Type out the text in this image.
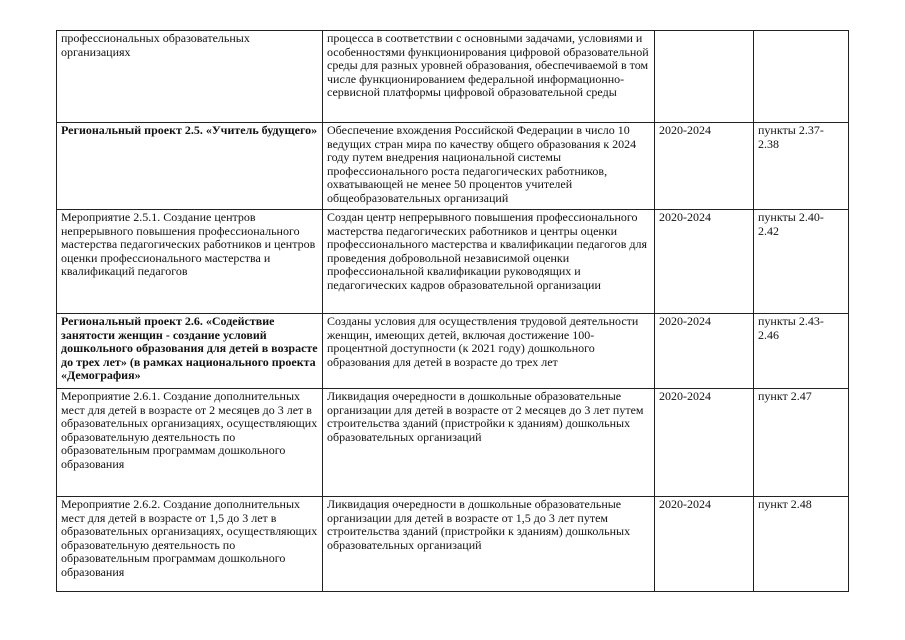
профессиональных образовательных организациях	процесса в соответствии с основными задачами, условиями и особенностями функционирования цифровой образовательной среды для разных уровней образования, обеспечиваемой в том числе функционированием федеральной информационно-сервисной платформы цифровой образовательной среды		
Региональный проект 2.5. «Учитель будущего»	Обеспечение вхождения Российской Федерации в число 10 ведущих стран мира по качеству общего образования к 2024 году путем внедрения национальной системы профессионального роста педагогических работников, охватывающей не менее 50 процентов учителей общеобразовательных организаций	2020-2024	пункты 2.37-2.38
Мероприятие 2.5.1. Создание центров непрерывного повышения профессионального мастерства педагогических работников и центров оценки профессионального мастерства и квалификаций педагогов	Создан центр непрерывного повышения профессионального мастерства педагогических работников и центры оценки профессионального мастерства и квалификации педагогов для проведения добровольной независимой оценки профессиональной квалификации руководящих и педагогических кадров образовательной организации	2020-2024	пункты 2.40-2.42
Региональный проект 2.6. «Содействие занятости женщин - создание условий дошкольного образования для детей в возрасте до трех лет» (в рамках национального проекта «Демография»	Созданы условия для осуществления трудовой деятельности женщин, имеющих детей, включая достижение 100-процентной доступности (к 2021 году) дошкольного образования для детей в возрасте до трех лет	2020-2024	пункты 2.43-2.46
Мероприятие 2.6.1. Создание дополнительных мест для детей в возрасте от 2 месяцев до 3 лет в образовательных организациях, осуществляющих образовательную деятельность по образовательным программам дошкольного образования	Ликвидация очередности в дошкольные образовательные организации для детей в возрасте от 2 месяцев до 3 лет путем строительства зданий (пристройки к зданиям) дошкольных образовательных организаций	2020-2024	пункт 2.47
Мероприятие 2.6.2. Создание дополнительных мест для детей в возрасте от 1,5 до 3 лет в образовательных организациях, осуществляющих образовательную деятельность по образовательным программам дошкольного образования	Ликвидация очередности в дошкольные образовательные организации для детей в возрасте от 1,5 до 3 лет путем строительства зданий (пристройки к зданиям) дошкольных образовательных организаций	2020-2024	пункт 2.48
